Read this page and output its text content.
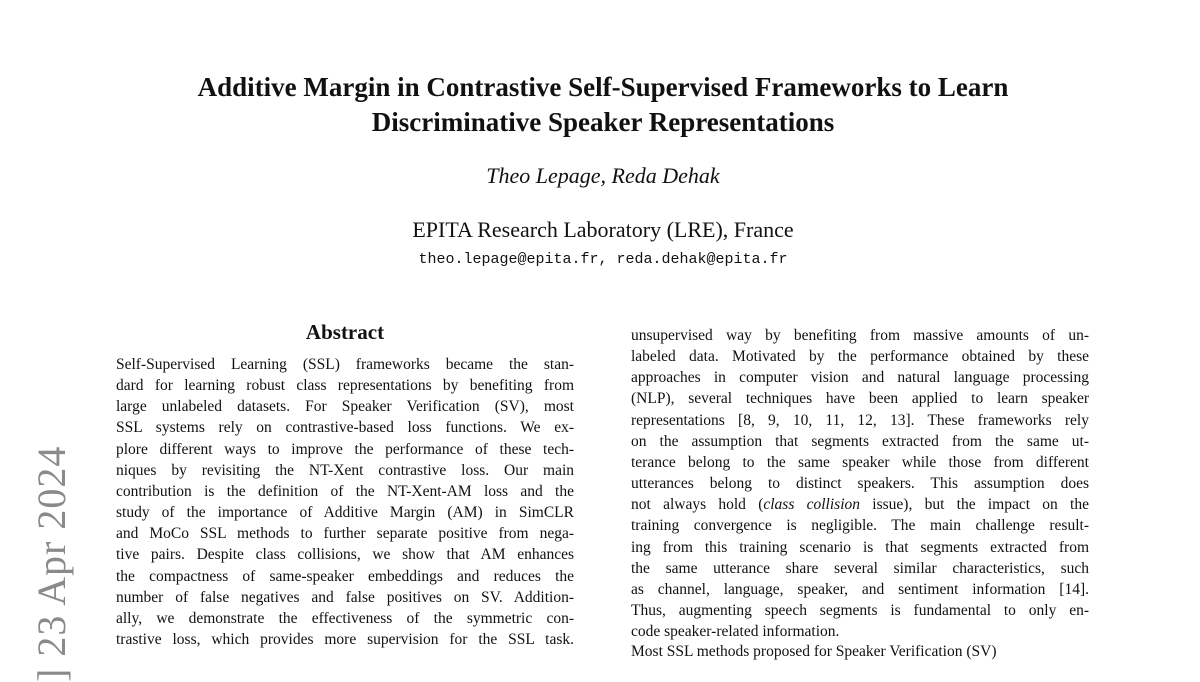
] 23 Apr 2024
Additive Margin in Contrastive Self-Supervised Frameworks to Learn
Discriminative Speaker Representations
Theo Lepage, Reda Dehak
EPITA Research Laboratory (LRE), France
theo.lepage@epita.fr, reda.dehak@epita.fr
Abstract
Self-Supervised Learning (SSL) frameworks became the stan-
dard for learning robust class representations by benefiting from
large unlabeled datasets. For Speaker Verification (SV), most
SSL systems rely on contrastive-based loss functions. We ex-
plore different ways to improve the performance of these tech-
niques by revisiting the NT-Xent contrastive loss. Our main
contribution is the definition of the NT-Xent-AM loss and the
study of the importance of Additive Margin (AM) in SimCLR
and MoCo SSL methods to further separate positive from nega-
tive pairs. Despite class collisions, we show that AM enhances
the compactness of same-speaker embeddings and reduces the
number of false negatives and false positives on SV. Addition-
ally, we demonstrate the effectiveness of the symmetric con-
trastive loss, which provides more supervision for the SSL task.
unsupervised way by benefiting from massive amounts of un-
labeled data. Motivated by the performance obtained by these
approaches in computer vision and natural language processing
(NLP), several techniques have been applied to learn speaker
representations [8, 9, 10, 11, 12, 13]. These frameworks rely
on the assumption that segments extracted from the same ut-
terance belong to the same speaker while those from different
utterances belong to distinct speakers. This assumption does
not always hold (class collision issue), but the impact on the
training convergence is negligible. The main challenge result-
ing from this training scenario is that segments extracted from
the same utterance share several similar characteristics, such
as channel, language, speaker, and sentiment information [14].
Thus, augmenting speech segments is fundamental to only en-
code speaker-related information.
Most SSL methods proposed for Speaker Verification (SV)
